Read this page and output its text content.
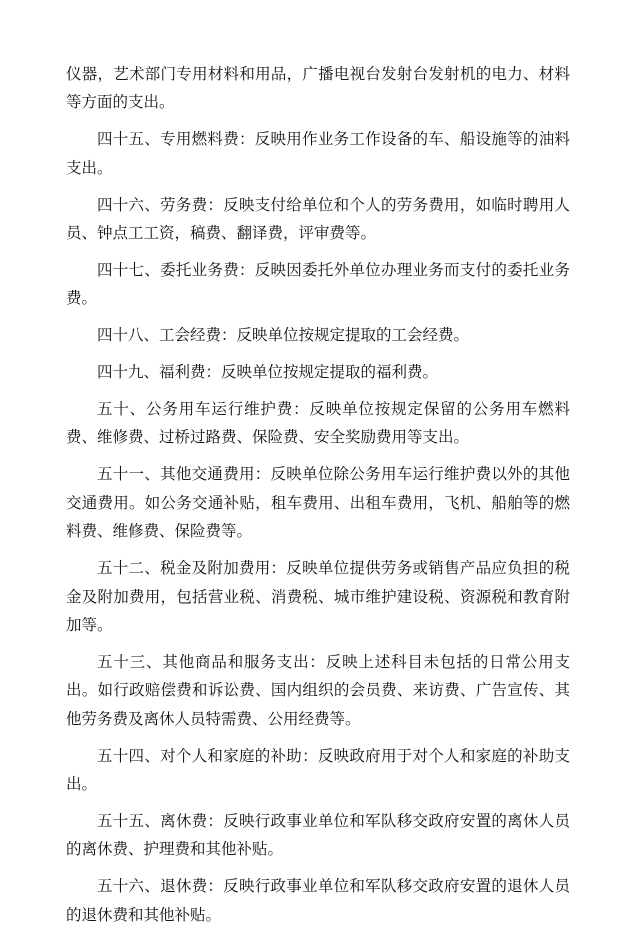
仪器，艺术部门专用材料和用品，广播电视台发射台发射机的电力、材料等方面的支出。

四十五、专用燃料费：反映用作业务工作设备的车、船设施等的油料支出。

四十六、劳务费：反映支付给单位和个人的劳务费用，如临时聘用人员、钟点工工资，稿费、翻译费，评审费等。

四十七、委托业务费：反映因委托外单位办理业务而支付的委托业务费。

四十八、工会经费：反映单位按规定提取的工会经费。

四十九、福利费：反映单位按规定提取的福利费。

五十、公务用车运行维护费：反映单位按规定保留的公务用车燃料费、维修费、过桥过路费、保险费、安全奖励费用等支出。

五十一、其他交通费用：反映单位除公务用车运行维护费以外的其他交通费用。如公务交通补贴，租车费用、出租车费用，飞机、船舶等的燃料费、维修费、保险费等。

五十二、税金及附加费用：反映单位提供劳务或销售产品应负担的税金及附加费用，包括营业税、消费税、城市维护建设税、资源税和教育附加等。

五十三、其他商品和服务支出：反映上述科目未包括的日常公用支出。如行政赔偿费和诉讼费、国内组织的会员费、来访费、广告宣传、其他劳务费及离休人员特需费、公用经费等。

五十四、对个人和家庭的补助：反映政府用于对个人和家庭的补助支出。

五十五、离休费：反映行政事业单位和军队移交政府安置的离休人员的离休费、护理费和其他补贴。

五十六、退休费：反映行政事业单位和军队移交政府安置的退休人员的退休费和其他补贴。
